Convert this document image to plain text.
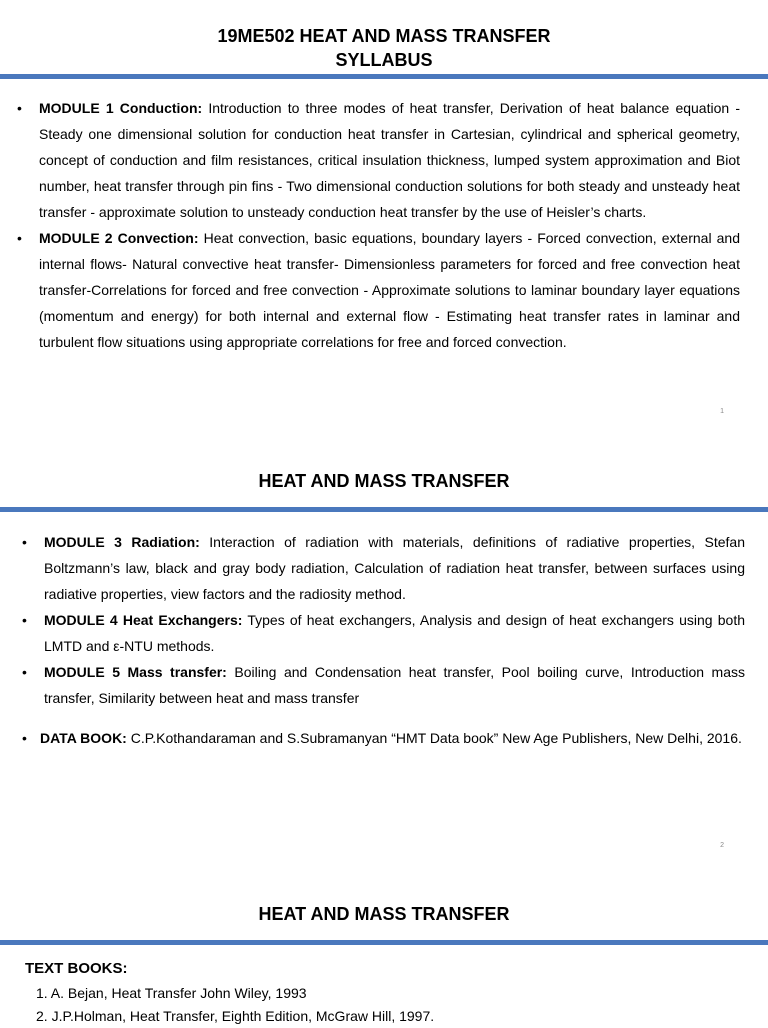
19ME502 HEAT AND MASS TRANSFER
SYLLABUS
• MODULE 1 Conduction: Introduction to three modes of heat transfer, Derivation of heat balance equation - Steady one dimensional solution for conduction heat transfer in Cartesian, cylindrical and spherical geometry, concept of conduction and film resistances, critical insulation thickness, lumped system approximation and Biot number, heat transfer through pin fins - Two dimensional conduction solutions for both steady and unsteady heat transfer - approximate solution to unsteady conduction heat transfer by the use of Heisler’s charts.
• MODULE 2 Convection: Heat convection, basic equations, boundary layers - Forced convection, external and internal flows- Natural convective heat transfer- Dimensionless parameters for forced and free convection heat transfer-Correlations for forced and free convection - Approximate solutions to laminar boundary layer equations (momentum and energy) for both internal and external flow - Estimating heat transfer rates in laminar and turbulent flow situations using appropriate correlations for free and forced convection.
1
HEAT AND MASS TRANSFER
• MODULE 3 Radiation: Interaction of radiation with materials, definitions of radiative properties, Stefan Boltzmann’s law, black and gray body radiation, Calculation of radiation heat transfer, between surfaces using radiative properties, view factors and the radiosity method.
• MODULE 4 Heat Exchangers: Types of heat exchangers, Analysis and design of heat exchangers using both LMTD and ε-NTU methods.
• MODULE 5 Mass transfer: Boiling and Condensation heat transfer, Pool boiling curve, Introduction mass transfer, Similarity between heat and mass transfer
• DATA BOOK: C.P.Kothandaraman and S.Subramanyan “HMT Data book” New Age Publishers, New Delhi, 2016.
2
HEAT AND MASS TRANSFER
TEXT BOOKS:
1. A. Bejan, Heat Transfer John Wiley, 1993
2. J.P.Holman, Heat Transfer, Eighth Edition, McGraw Hill, 1997.
